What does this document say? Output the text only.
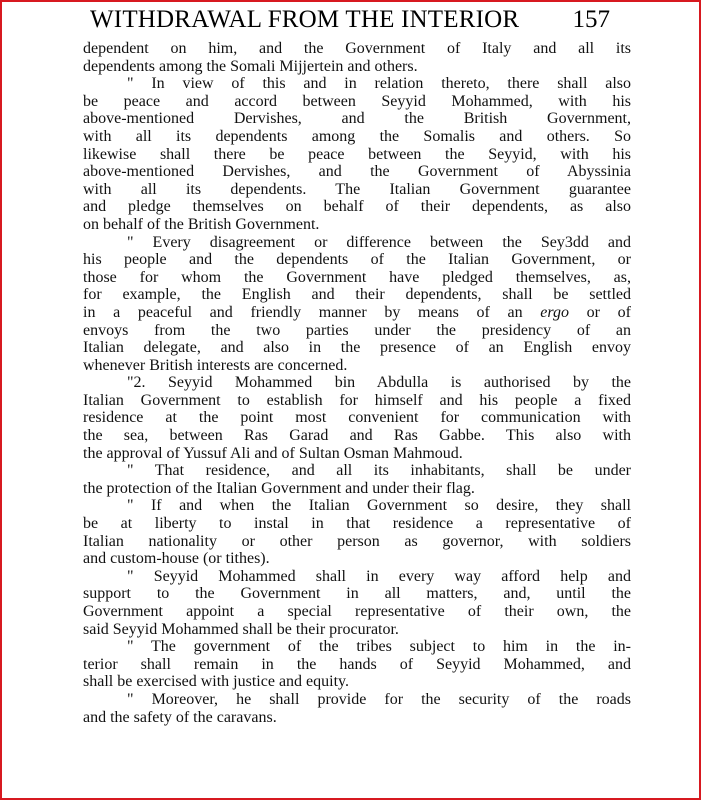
WITHDRAWAL FROM THE INTERIOR 157
dependent on him, and the Government of Italy and all its
dependents among the Somali Mijjertein and others.
" In view of this and in relation thereto, there shall also
be peace and accord between Seyyid Mohammed, with his
above-mentioned Dervishes, and the British Government,
with all its dependents among the Somalis and others. So
likewise shall there be peace between the Seyyid, with his
above-mentioned Dervishes, and the Government of Abyssinia
with all its dependents. The Italian Government guarantee
and pledge themselves on behalf of their dependents, as also
on behalf of the British Government.
" Every disagreement or difference between the Sey3dd and
his people and the dependents of the Italian Government, or
those for whom the Government have pledged themselves, as,
for example, the English and their dependents, shall be settled
in a peaceful and friendly manner by means of an ergo or of
envoys from the two parties under the presidency of an
Italian delegate, and also in the presence of an English envoy
whenever British interests are concerned.
"2. Seyyid Mohammed bin Abdulla is authorised by the
Italian Government to establish for himself and his people a fixed
residence at the point most convenient for communication with
the sea, between Ras Garad and Ras Gabbe. This also with
the approval of Yussuf Ali and of Sultan Osman Mahmoud.
" That residence, and all its inhabitants, shall be under
the protection of the Italian Government and under their flag.
" If and when the Italian Government so desire, they shall
be at liberty to instal in that residence a representative of
Italian nationality or other person as governor, with soldiers
and custom-house (or tithes).
" Seyyid Mohammed shall in every way afford help and
support to the Government in all matters, and, until the
Government appoint a special representative of their own, the
said Seyyid Mohammed shall be their procurator.
" The government of the tribes subject to him in the in-
terior shall remain in the hands of Seyyid Mohammed, and
shall be exercised with justice and equity.
" Moreover, he shall provide for the security of the roads
and the safety of the caravans.
